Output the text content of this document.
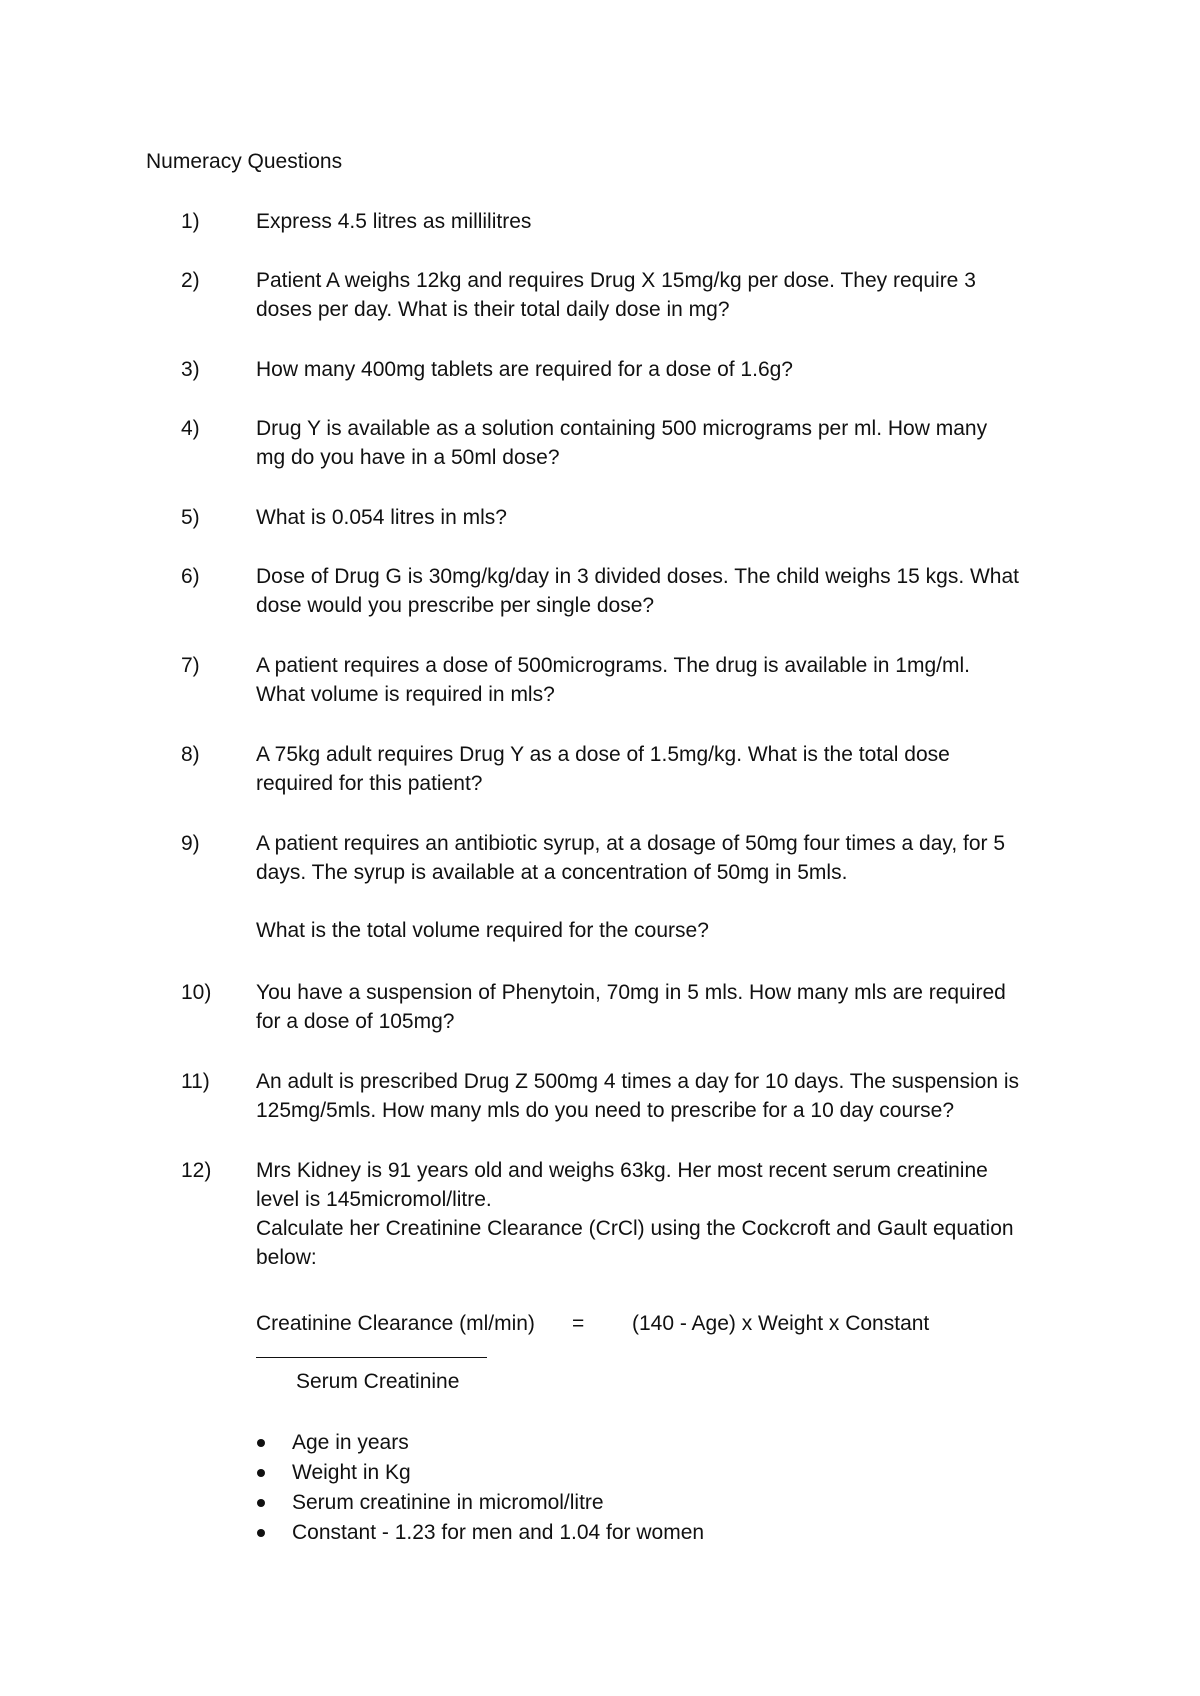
Numeracy Questions
1)	Express 4.5 litres as millilitres
2)	Patient A weighs 12kg and requires Drug X 15mg/kg per dose. They require 3
doses per day. What is their total daily dose in mg?
3)	How many 400mg tablets are required for a dose of 1.6g?
4)	Drug Y is available as a solution containing 500 micrograms per ml. How many
mg do you have in a 50ml dose?
5)	What is 0.054 litres in mls?
6)	Dose of Drug G is 30mg/kg/day in 3 divided doses. The child weighs 15 kgs. What
dose would you prescribe per single dose?
7)	A patient requires a dose of 500micrograms. The drug is available in 1mg/ml.
What volume is required in mls?
8)	A 75kg adult requires Drug Y as a dose of 1.5mg/kg. What is the total dose
required for this patient?
9)	A patient requires an antibiotic syrup, at a dosage of 50mg four times a day, for 5
days. The syrup is available at a concentration of 50mg in 5mls.
What is the total volume required for the course?
10) You have a suspension of Phenytoin, 70mg in 5 mls. How many mls are required
for a dose of 105mg?
11) An adult is prescribed Drug Z 500mg 4 times a day for 10 days. The suspension is
125mg/5mls. How many mls do you need to prescribe for a 10 day course?
12) Mrs Kidney is 91 years old and weighs 63kg. Her most recent serum creatinine
level is 145micromol/litre.
Calculate her Creatinine Clearance (CrCl) using the Cockcroft and Gault equation
below:
Creatinine Clearance (ml/min) = (140 - Age) x Weight x Constant
Serum Creatinine
Age in years
Weight in Kg
Serum creatinine in micromol/litre
Constant - 1.23 for men and 1.04 for women
